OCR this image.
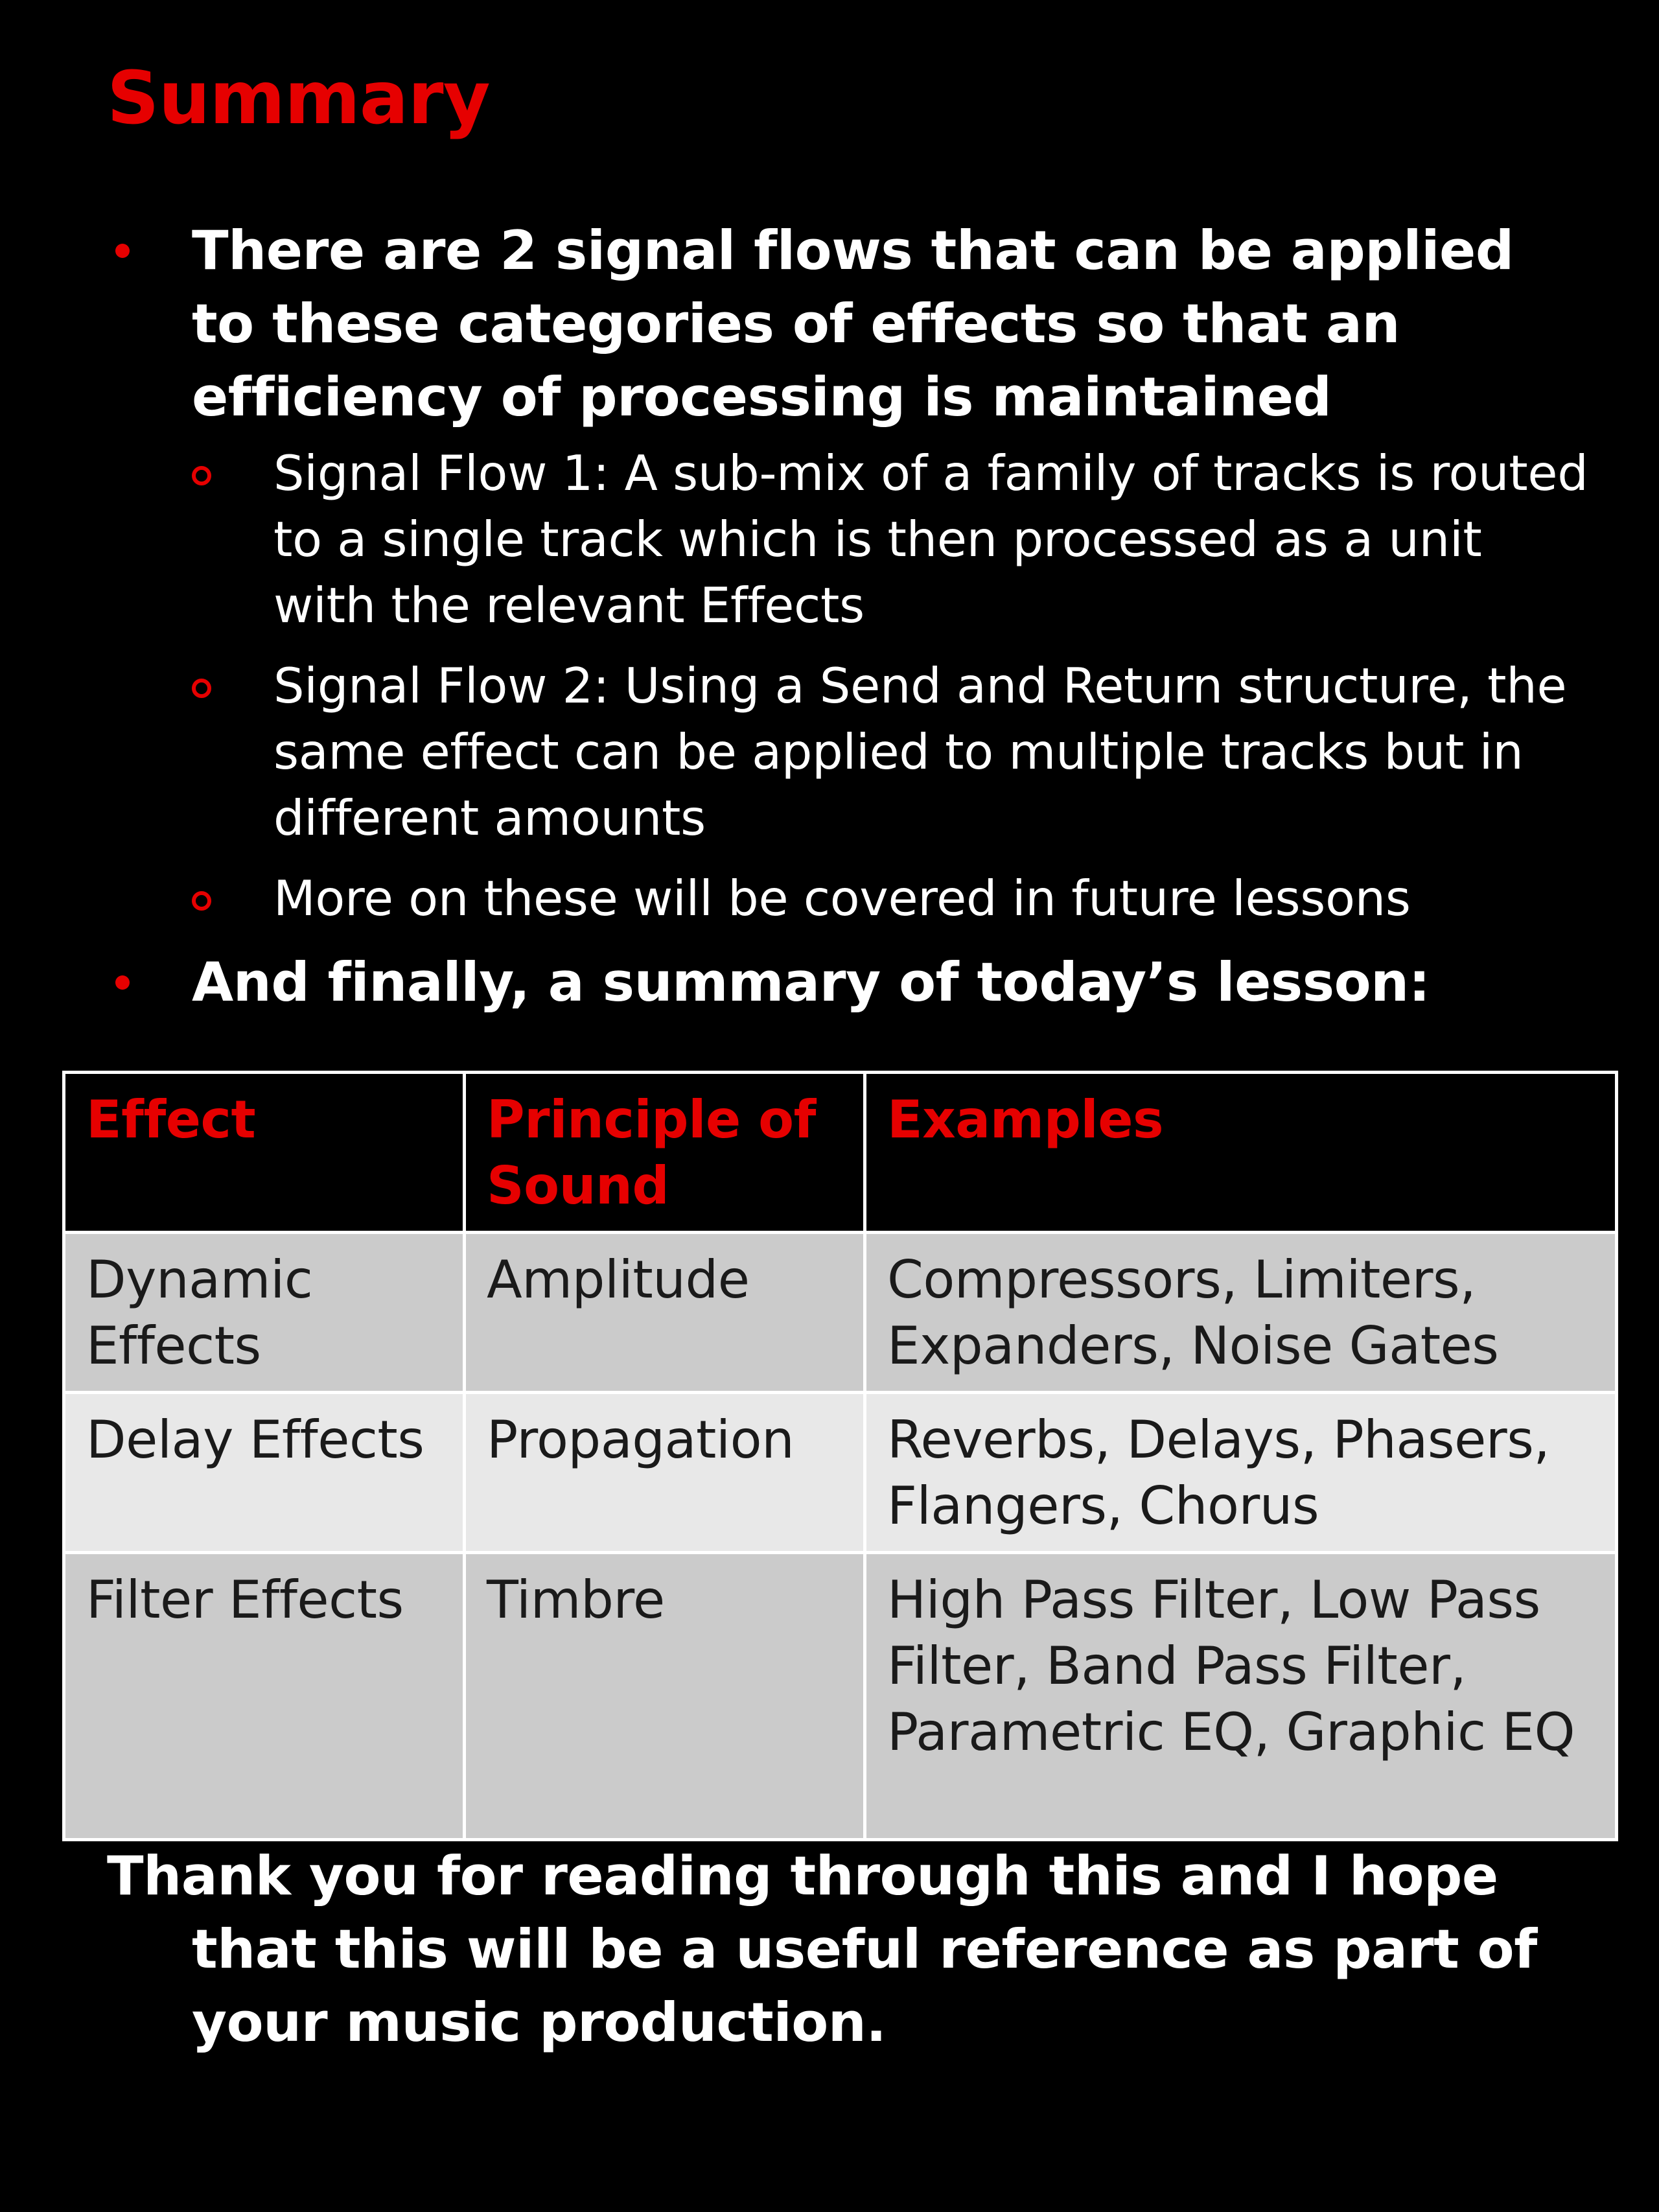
Summary
There are 2 signal flows that can be applied to these categories of effects so that an efficiency of processing is maintained
Signal Flow 1: A sub-mix of a family of tracks is routed to a single track which is then processed as a unit with the relevant Effects
Signal Flow 2: Using a Send and Return structure, the same effect can be applied to multiple tracks but in different amounts
More on these will be covered in future lessons
And finally, a summary of today’s lesson:
Effect	Principle of Sound	Examples
Dynamic Effects	Amplitude	Compressors, Limiters, Expanders, Noise Gates
Delay Effects	Propagation	Reverbs, Delays, Phasers, Flangers, Chorus
Filter Effects	Timbre	High Pass Filter, Low Pass Filter, Band Pass Filter, Parametric EQ, Graphic EQ
Thank you for reading through this and I hope
that this will be a useful reference as part of
your music production.
